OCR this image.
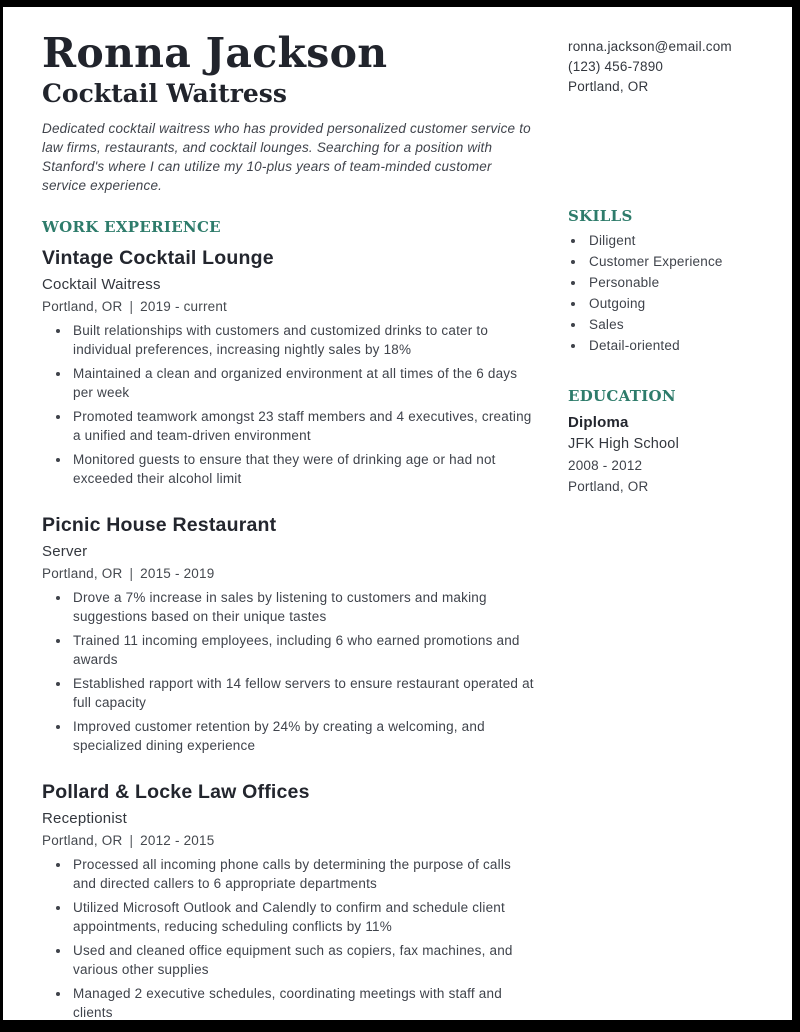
Ronna Jackson
Cocktail Waitress
Dedicated cocktail waitress who has provided personalized customer service to law firms, restaurants, and cocktail lounges. Searching for a position with Stanford's where I can utilize my 10-plus years of team-minded customer service experience.
WORK EXPERIENCE
Vintage Cocktail Lounge
Cocktail Waitress
Portland, OR | 2019 - current
• Built relationships with customers and customized drinks to cater to individual preferences, increasing nightly sales by 18%
• Maintained a clean and organized environment at all times of the 6 days per week
• Promoted teamwork amongst 23 staff members and 4 executives, creating a unified and team-driven environment
• Monitored guests to ensure that they were of drinking age or had not exceeded their alcohol limit
Picnic House Restaurant
Server
Portland, OR | 2015 - 2019
• Drove a 7% increase in sales by listening to customers and making suggestions based on their unique tastes
• Trained 11 incoming employees, including 6 who earned promotions and awards
• Established rapport with 14 fellow servers to ensure restaurant operated at full capacity
• Improved customer retention by 24% by creating a welcoming, and specialized dining experience
Pollard & Locke Law Offices
Receptionist
Portland, OR | 2012 - 2015
• Processed all incoming phone calls by determining the purpose of calls and directed callers to 6 appropriate departments
• Utilized Microsoft Outlook and Calendly to confirm and schedule client appointments, reducing scheduling conflicts by 11%
• Used and cleaned office equipment such as copiers, fax machines, and various other supplies
• Managed 2 executive schedules, coordinating meetings with staff and clients
ronna.jackson@email.com
(123) 456-7890
Portland, OR
SKILLS
• Diligent
• Customer Experience
• Personable
• Outgoing
• Sales
• Detail-oriented
EDUCATION
Diploma
JFK High School
2008 - 2012
Portland, OR
